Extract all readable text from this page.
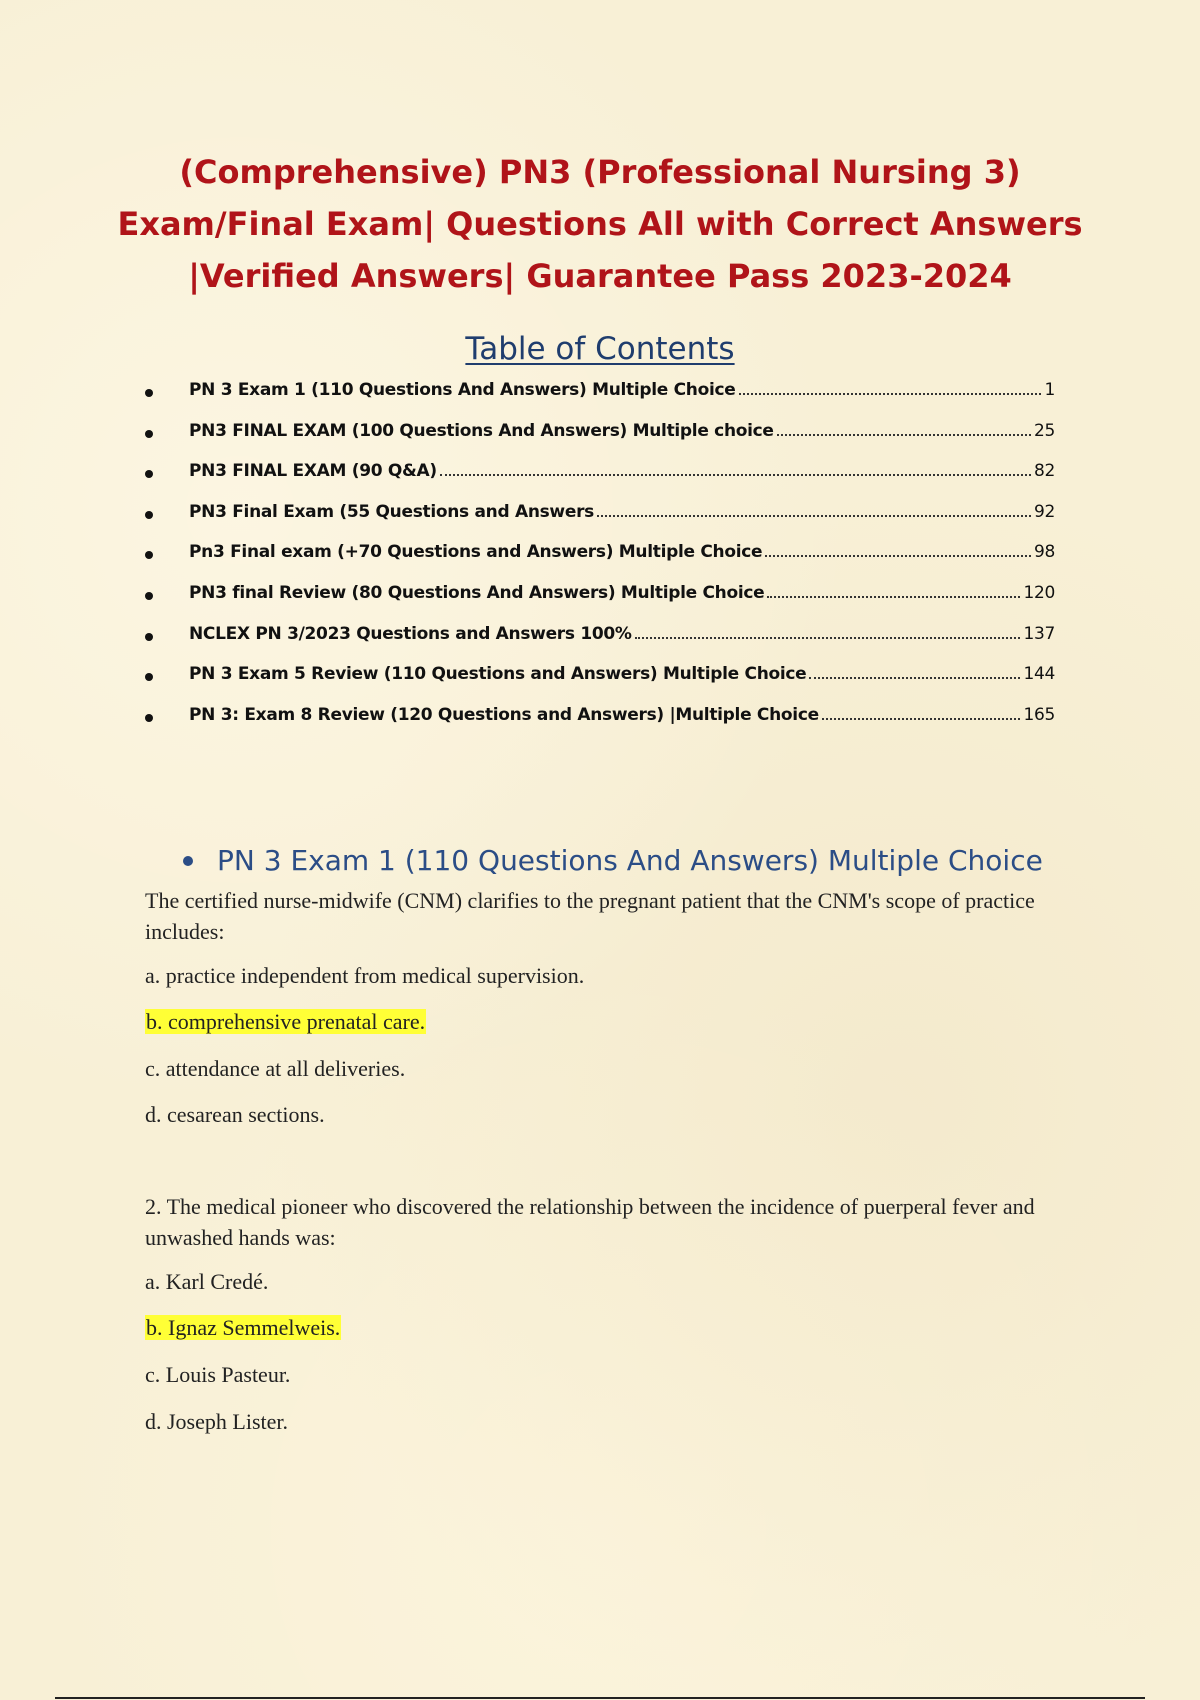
(Comprehensive) PN3 (Professional Nursing 3)
Exam/Final Exam| Questions All with Correct Answers
|Verified Answers| Guarantee Pass 2023-2024
Table of Contents
PN 3 Exam 1 (110 Questions And Answers) Multiple Choice	1
PN3 FINAL EXAM (100 Questions And Answers) Multiple choice	25
PN3 FINAL EXAM (90 Q&A)	82
PN3 Final Exam (55 Questions and Answers	92
Pn3 Final exam (+70 Questions and Answers) Multiple Choice	98
PN3 final Review (80 Questions And Answers) Multiple Choice	120
NCLEX PN 3/2023 Questions and Answers 100%	137
PN 3 Exam 5 Review (110 Questions and Answers) Multiple Choice	144
PN 3: Exam 8 Review (120 Questions and Answers) |Multiple Choice	165
PN 3 Exam 1 (110 Questions And Answers) Multiple Choice
The certified nurse-midwife (CNM) clarifies to the pregnant patient that the CNM's scope of practice includes:
a. practice independent from medical supervision.
b. comprehensive prenatal care.
c. attendance at all deliveries.
d. cesarean sections.
2. The medical pioneer who discovered the relationship between the incidence of puerperal fever and unwashed hands was:
a. Karl Credé.
b. Ignaz Semmelweis.
c. Louis Pasteur.
d. Joseph Lister.
